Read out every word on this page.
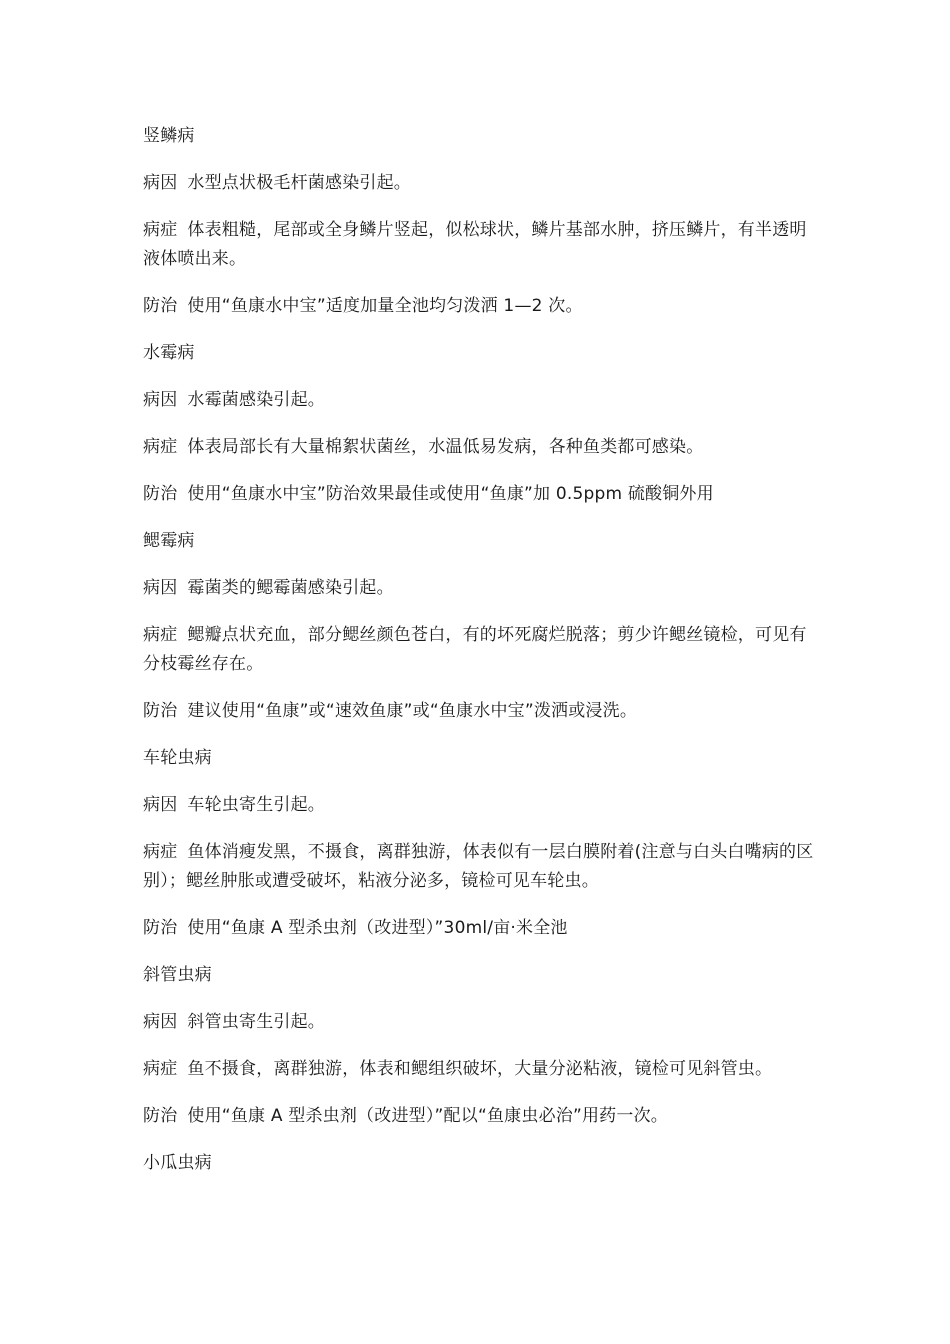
竖鳞病

病因 水型点状极毛杆菌感染引起。

病症 体表粗糙，尾部或全身鳞片竖起，似松球状，鳞片基部水肿，挤压鳞片，有半透明液体喷出来。

防治 使用“鱼康水中宝”适度加量全池均匀泼洒 1—2 次。

水霉病

病因 水霉菌感染引起。

病症 体表局部长有大量棉絮状菌丝，水温低易发病，各种鱼类都可感染。

防治 使用“鱼康水中宝”防治效果最佳或使用“鱼康”加 0.5ppm 硫酸铜外用

鳃霉病

病因 霉菌类的鳃霉菌感染引起。

病症 鳃瓣点状充血，部分鳃丝颜色苍白，有的坏死腐烂脱落；剪少许鳃丝镜检，可见有分枝霉丝存在。

防治 建议使用“鱼康”或“速效鱼康”或“鱼康水中宝”泼洒或浸洗。

车轮虫病

病因 车轮虫寄生引起。

病症 鱼体消瘦发黑，不摄食，离群独游，体表似有一层白膜附着(注意与白头白嘴病的区别）；鳃丝肿胀或遭受破坏，粘液分泌多，镜检可见车轮虫。

防治 使用“鱼康 A 型杀虫剂（改进型）”30ml/亩·米全池

斜管虫病

病因 斜管虫寄生引起。

病症 鱼不摄食，离群独游，体表和鳃组织破坏，大量分泌粘液，镜检可见斜管虫。

防治 使用“鱼康 A 型杀虫剂（改进型）”配以“鱼康虫必治”用药一次。

小瓜虫病
